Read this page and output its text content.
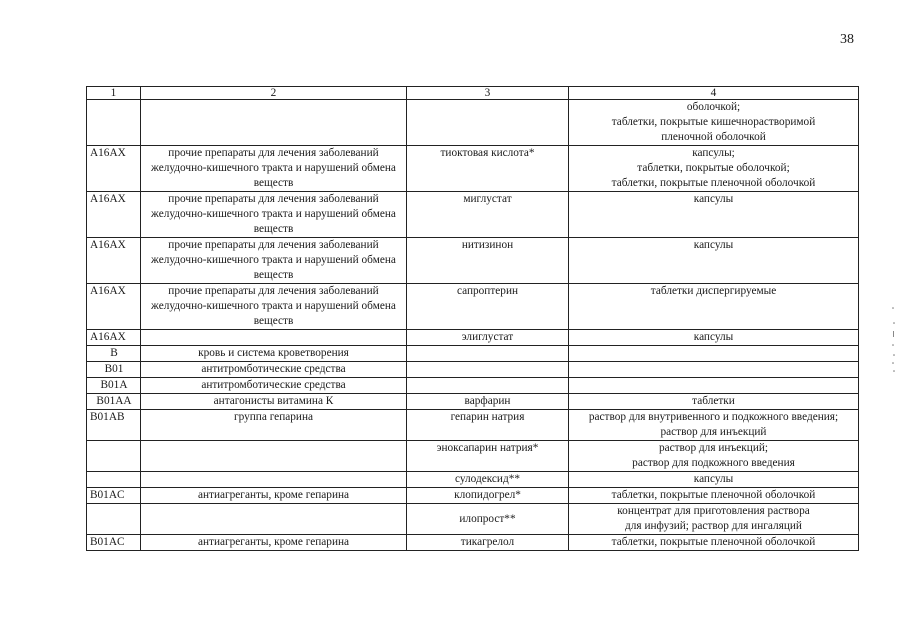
38
1	2	3	4
			оболочкой;
таблетки, покрытые кишечнорастворимой
пленочной оболочкой
A16AX	прочие препараты для лечения заболеваний желудочно-кишечного тракта и нарушений обмена веществ	тиоктовая кислота*	капсулы;
таблетки, покрытые оболочкой;
таблетки, покрытые пленочной оболочкой
A16AX	прочие препараты для лечения заболеваний желудочно-кишечного тракта и нарушений обмена веществ	миглустат	капсулы
A16AX	прочие препараты для лечения заболеваний желудочно-кишечного тракта и нарушений обмена веществ	нитизинон	капсулы
A16AX	прочие препараты для лечения заболеваний желудочно-кишечного тракта и нарушений обмена веществ	сапроптерин	таблетки диспергируемые
A16AX		элиглустат	капсулы
B	кровь и система кроветворения		
B01	антитромботические средства		
B01A	антитромботические средства		
B01AA	антагонисты витамина К	варфарин	таблетки
B01AB	группа гепарина	гепарин натрия	раствор для внутривенного и подкожного введения;
раствор для инъекций
		эноксапарин натрия*	раствор для инъекций;
раствор для подкожного введения
		сулодексид**	капсулы
B01AC	антиагреганты, кроме гепарина	клопидогрел*	таблетки, покрытые пленочной оболочкой
		илопрост**	концентрат для приготовления раствора
для инфузий; раствор для ингаляций
B01AC	антиагреганты, кроме гепарина	тикагрелол	таблетки, покрытые пленочной оболочкой
